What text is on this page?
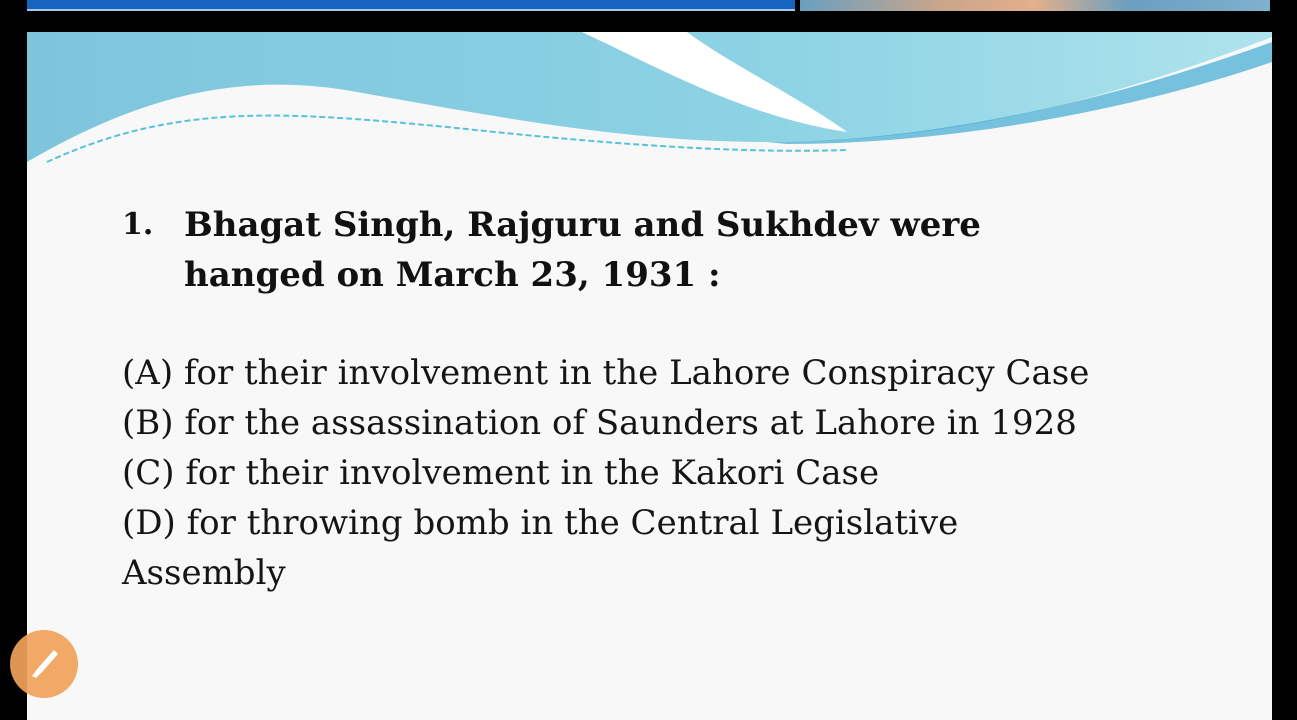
1. Bhagat Singh, Rajguru and Sukhdev were hanged on March 23, 1931 :
(A) for their involvement in the Lahore Conspiracy Case
(B) for the assassination of Saunders at Lahore in 1928
(C) for their involvement in the Kakori Case
(D) for throwing bomb in the Central Legislative
Assembly
